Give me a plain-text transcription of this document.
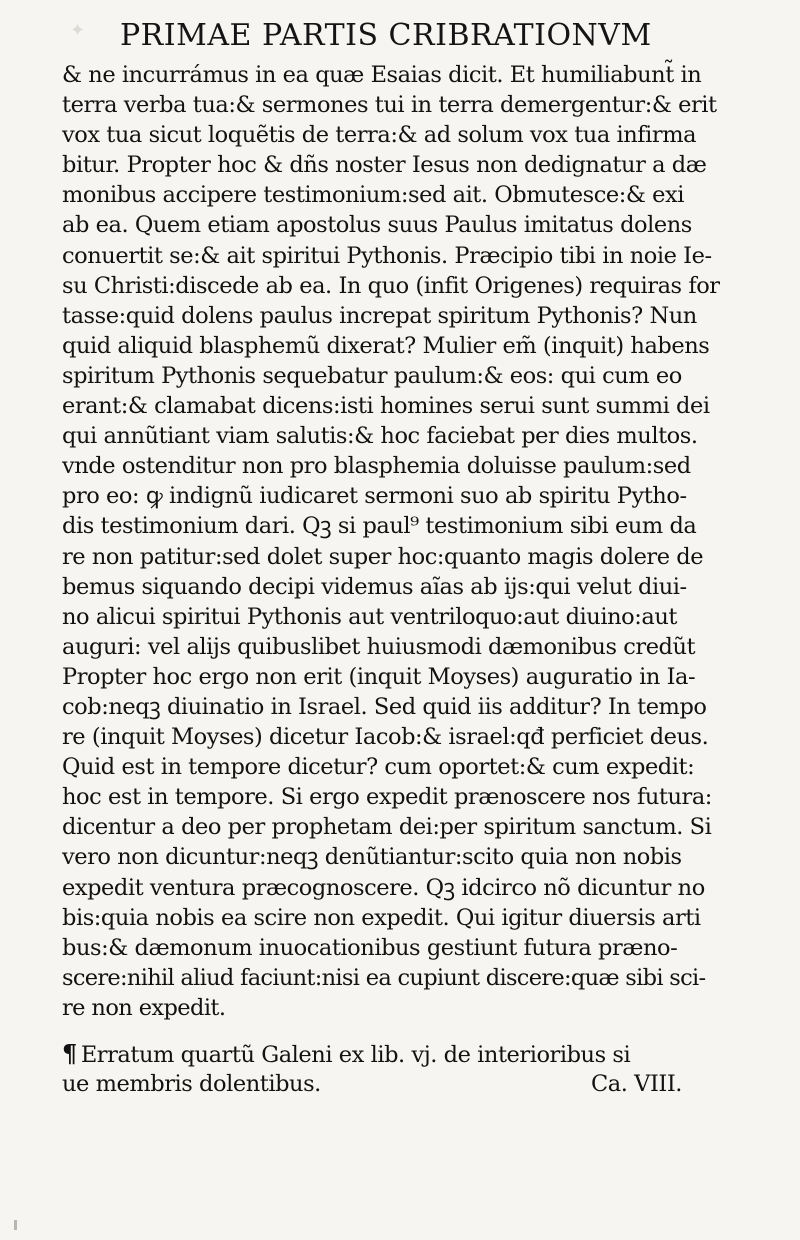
✦ PRIMAE PARTIS CRIBRATIONVM
& ne incurrámus in ea quæ Esaias dicit. Et humiliabunt̃ in
terra verba tua:& sermones tui in terra demergentur:& erit
vox tua sicut loquẽtis de terra:& ad solum vox tua infirma
bitur. Propter hoc & dñs noster Iesus non dedignatur a dæ
monibus accipere testimonium:sed ait. Obmutesce:& exi
ab ea. Quem etiam apostolus suus Paulus imitatus dolens
conuertit se:& ait spiritui Pythonis. Præcipio tibi in noie Ie-
su Christi:discede ab ea. In quo (infit Origenes) requiras for
tasse:quid dolens paulus increpat spiritum Pythonis? Nun
quid aliquid blasphemũ dixerat? Mulier em̃ (inquit) habens
spiritum Pythonis sequebatur paulum:& eos: qui cum eo
erant:& clamabat dicens:isti homines serui sunt summi dei
qui annũtiant viam salutis:& hoc faciebat per dies multos.
vnde ostenditur non pro blasphemia doluisse paulum:sed
pro eo: ꝙ indignũ iudicaret sermoni suo ab spiritu Pytho-
dis testimonium dari. Qꝫ si paul⁹ testimonium sibi eum da
re non patitur:sed dolet super hoc:quanto magis dolere de
bemus siquando decipi videmus aĩas ab ijs:qui velut diui-
no alicui spiritui Pythonis aut ventriloquo:aut diuino:aut
auguri: vel alijs quibuslibet huiusmodi dæmonibus credũt
Propter hoc ergo non erit (inquit Moyses) auguratio in Ia-
cob:neqꝫ diuinatio in Israel. Sed quid iis additur? In tempo
re (inquit Moyses) dicetur Iacob:& israel:qđ perficiet deus.
Quid est in tempore dicetur? cum oportet:& cum expedit:
hoc est in tempore. Si ergo expedit prænoscere nos futura:
dicentur a deo per prophetam dei:per spiritum sanctum. Si
vero non dicuntur:neqꝫ denũtiantur:scito quia non nobis
expedit ventura præcognoscere. Qꝫ idcirco nõ dicuntur no
bis:quia nobis ea scire non expedit. Qui igitur diuersis arti
bus:& dæmonum inuocationibus gestiunt futura præno-
scere:nihil aliud faciunt:nisi ea cupiunt discere:quæ sibi sci-
re non expedit.
¶ Erratum quartũ Galeni ex lib. vj. de interioribus si
ue membris dolentibus.	Ca. VIII.
